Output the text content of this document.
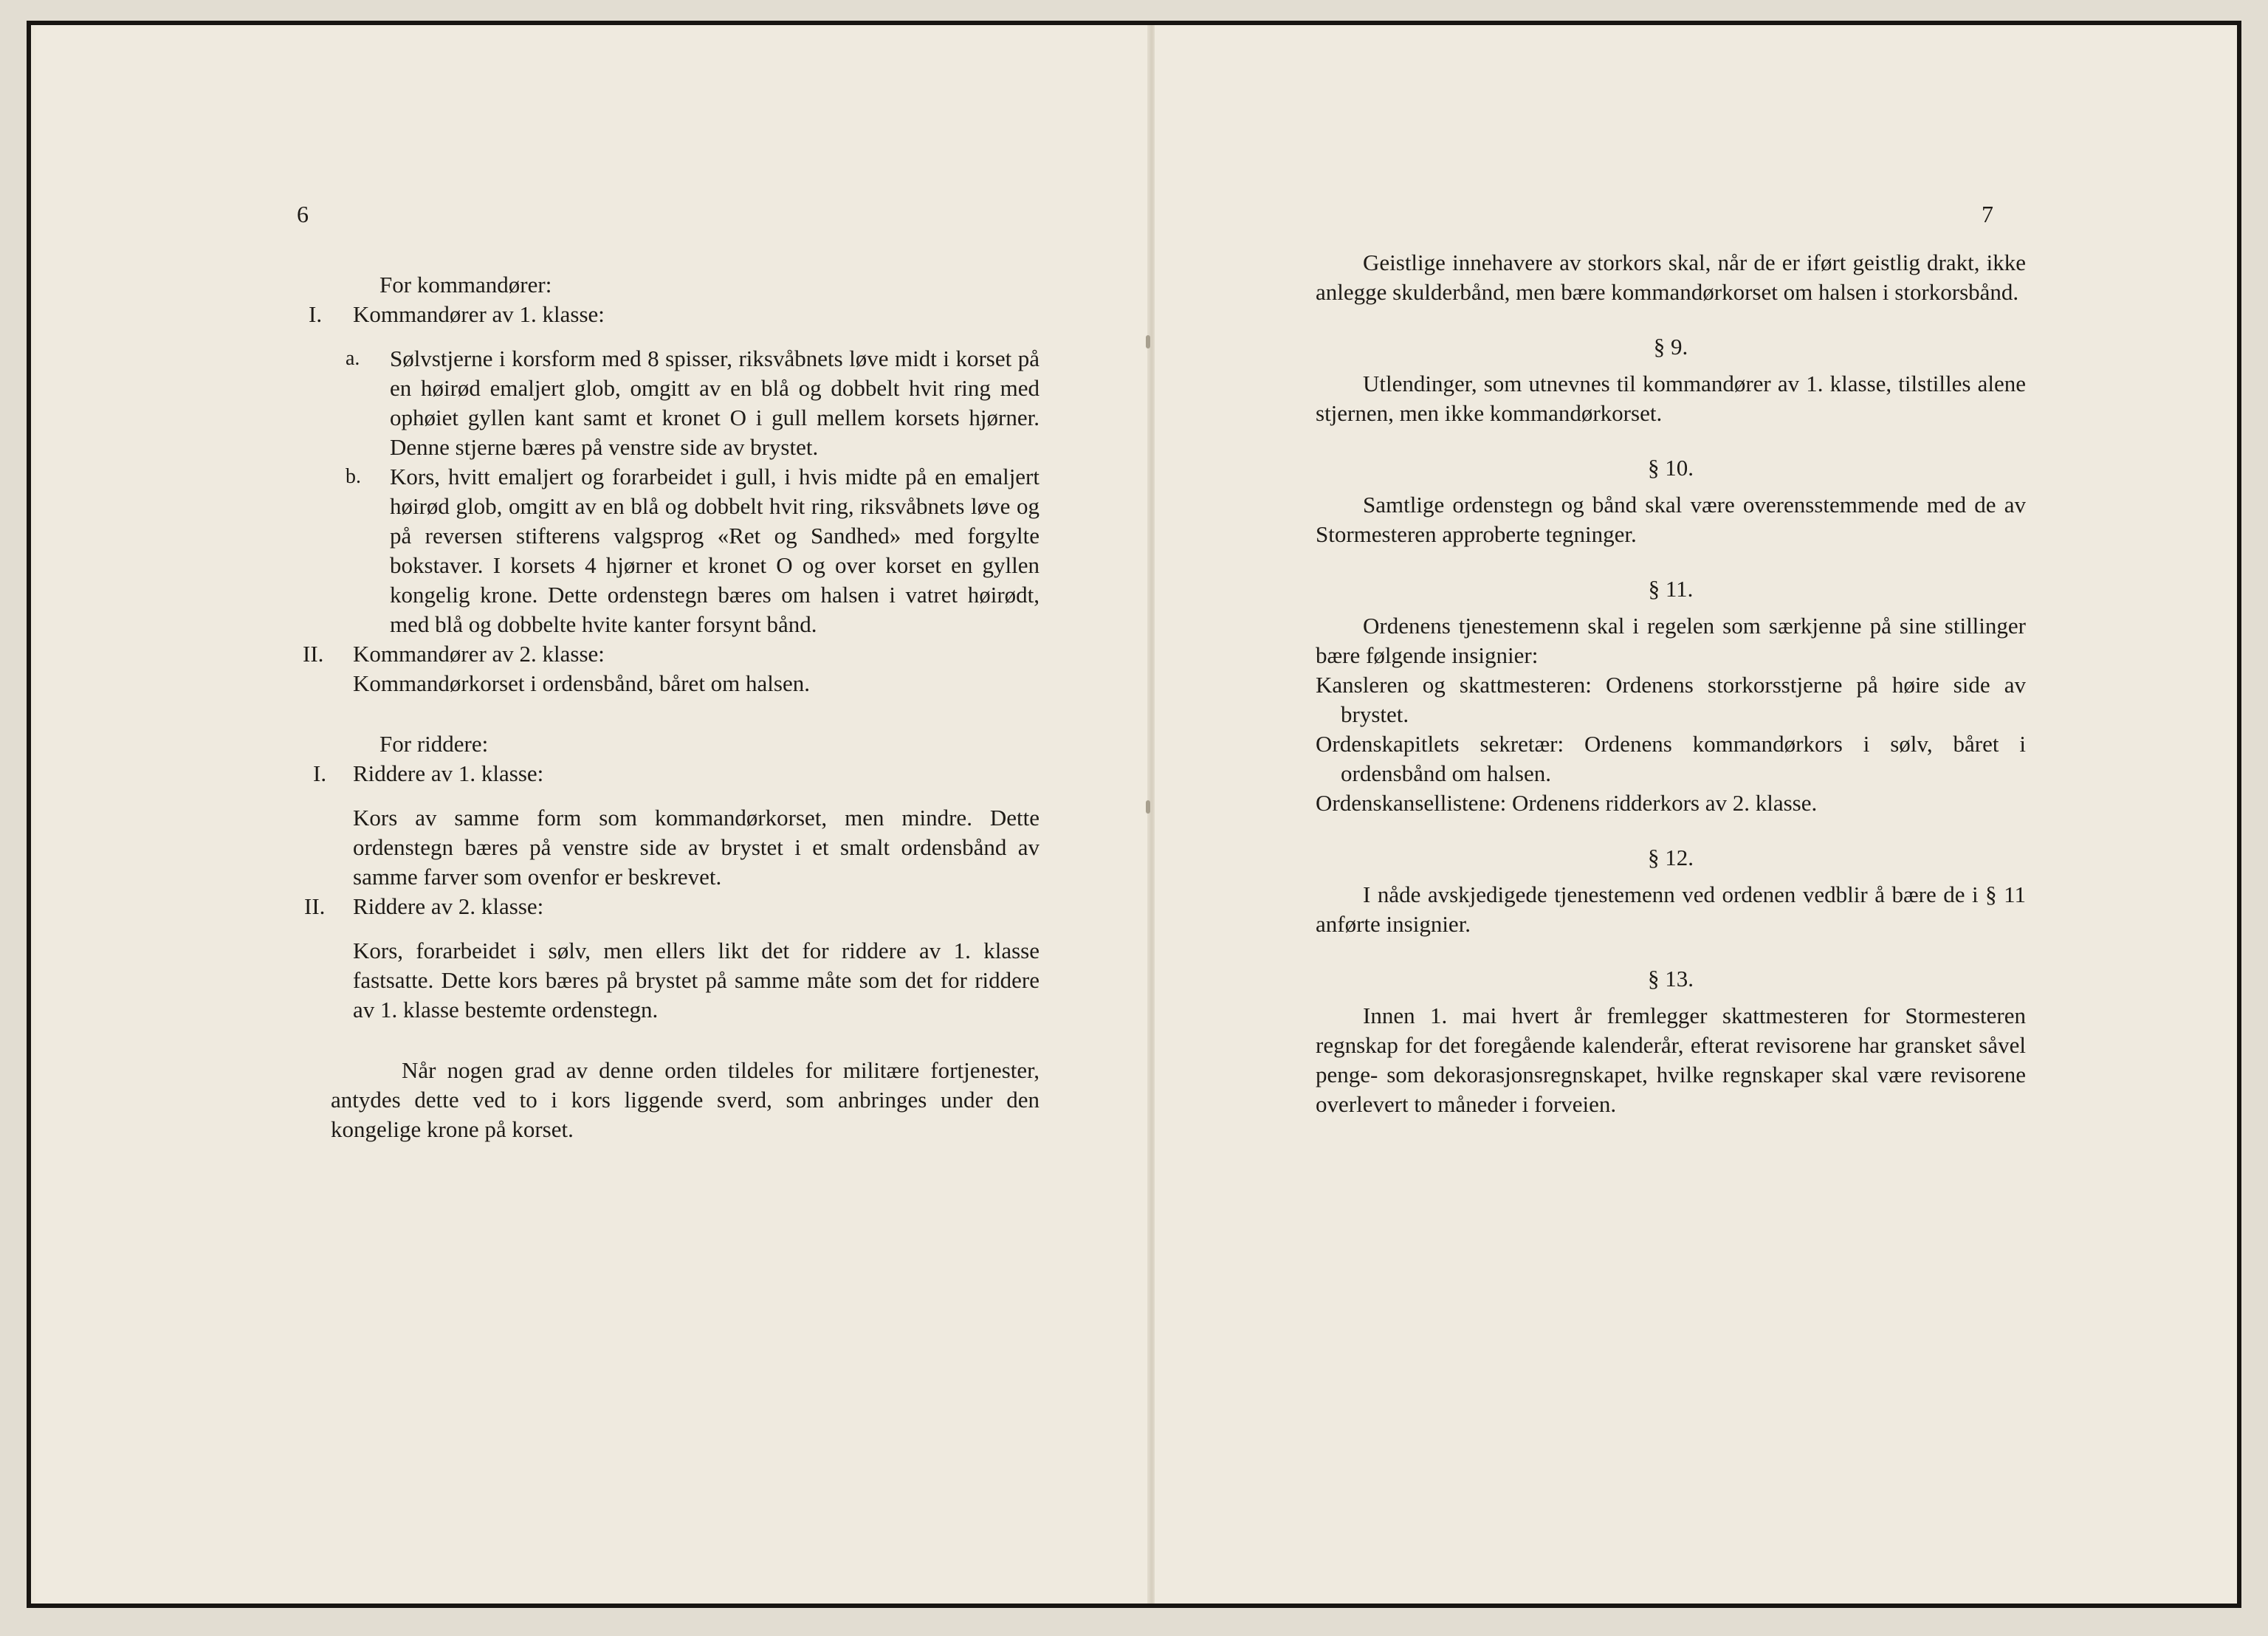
6

For kommandører:

I. Kommandører av 1. klasse:
a. Sølvstjerne i korsform med 8 spisser, riksvåbnets løve midt i korset på en høirød emaljert glob, omgitt av en blå og dobbelt hvit ring med ophøiet gyllen kant samt et kronet O i gull mellem korsets hjørner. Denne stjerne bæres på venstre side av brystet.
b. Kors, hvitt emaljert og forarbeidet i gull, i hvis midte på en emaljert høirød glob, omgitt av en blå og dobbelt hvit ring, riksvåbnets løve og på reversen stifterens valgsprog «Ret og Sandhed» med forgylte bokstaver. I korsets 4 hjørner et kronet O og over korset en gyllen kongelig krone. Dette ordenstegn bæres om halsen i vatret høirødt, med blå og dobbelte hvite kanter forsynt bånd.
II. Kommandører av 2. klasse:

Kommandørkorset i ordensbånd, båret om halsen.

For riddere:

I. Riddere av 1. klasse:

Kors av samme form som kommandørkorset, men mindre. Dette ordenstegn bæres på venstre side av brystet i et smalt ordensbånd av samme farver som ovenfor er beskrevet.

II. Riddere av 2. klasse:

Kors, forarbeidet i sølv, men ellers likt det for riddere av 1. klasse fastsatte. Dette kors bæres på brystet på samme måte som det for riddere av 1. klasse bestemte ordenstegn.

Når nogen grad av denne orden tildeles for militære fortjenester, antydes dette ved to i kors liggende sverd, som anbringes under den kongelige krone på korset.

7

Geistlige innehavere av storkors skal, når de er iført geistlig drakt, ikke anlegge skulderbånd, men bære kommandørkorset om halsen i storkorsbånd.

§ 9.

Utlendinger, som utnevnes til kommandører av 1. klasse, tilstilles alene stjernen, men ikke kommandørkorset.

§ 10.

Samtlige ordenstegn og bånd skal være overensstemmende med de av Stormesteren approberte tegninger.

§ 11.

Ordenens tjenestemenn skal i regelen som særkjenne på sine stillinger bære følgende insignier:

Kansleren og skattmesteren: Ordenens storkorsstjerne på høire side av brystet.

Ordenskapitlets sekretær: Ordenens kommandørkors i sølv, båret i ordensbånd om halsen.

Ordenskansellistene: Ordenens ridderkors av 2. klasse.

§ 12.

I nåde avskjedigede tjenestemenn ved ordenen vedblir å bære de i § 11 anførte insignier.

§ 13.

Innen 1. mai hvert år fremlegger skattmesteren for Stormesteren regnskap for det foregående kalenderår, efterat revisorene har gransket såvel penge- som dekorasjonsregnskapet, hvilke regnskaper skal være revisorene overlevert to måneder i forveien.
